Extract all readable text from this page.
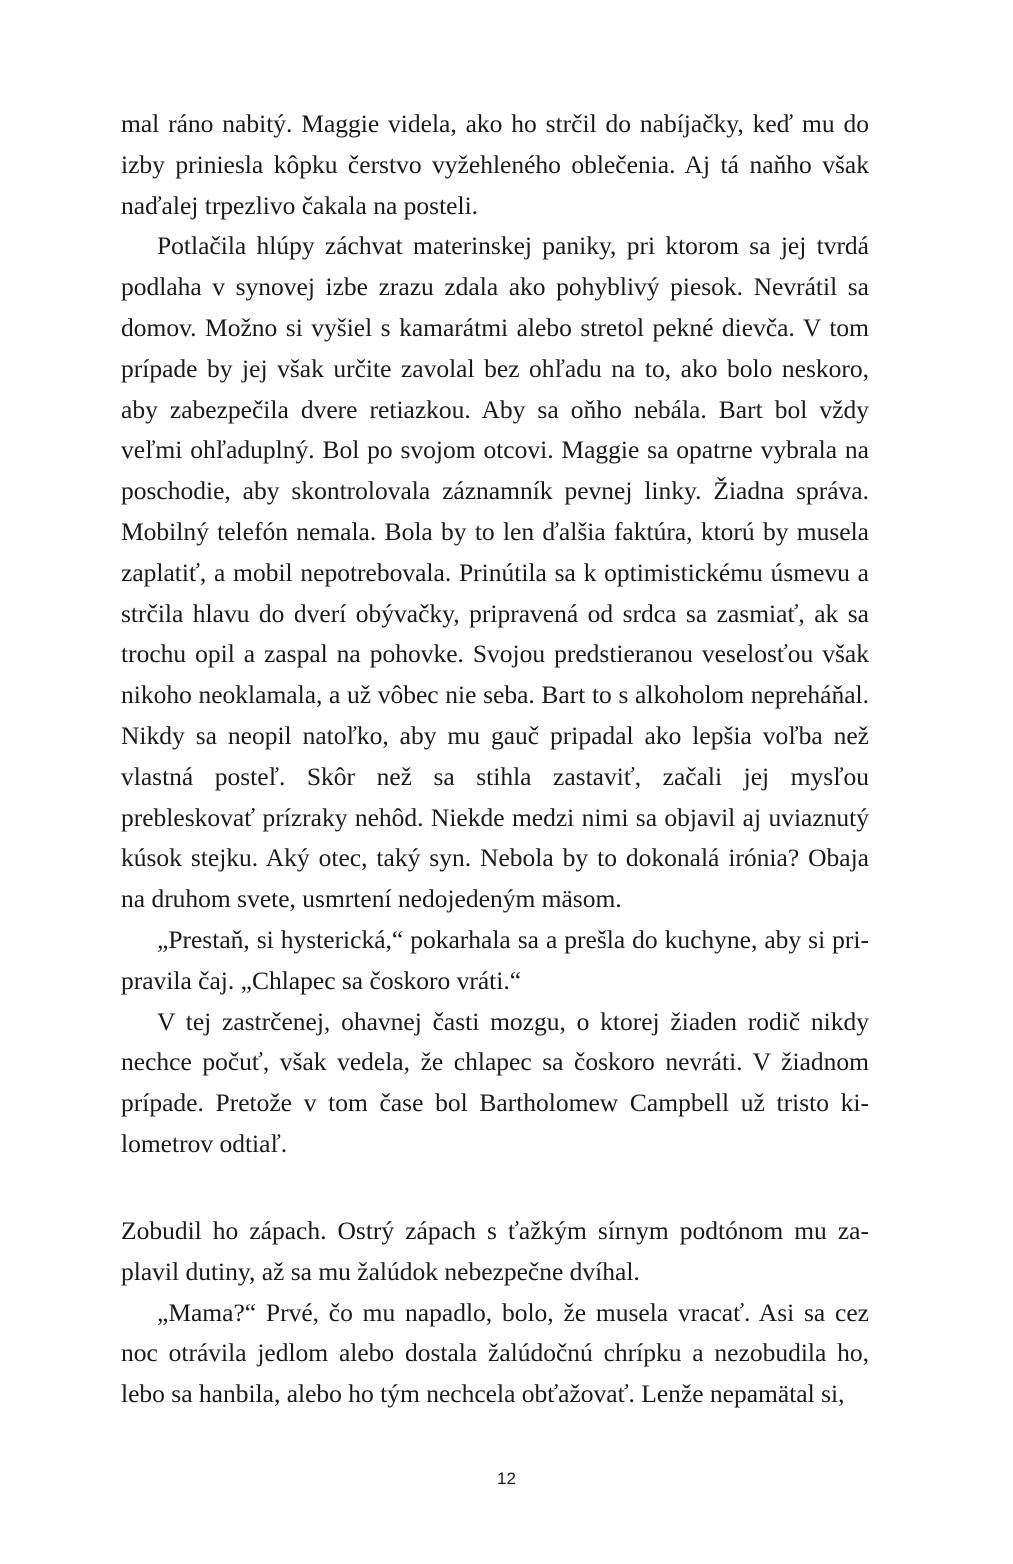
mal ráno nabitý. Maggie videla, ako ho strčil do nabíjačky, keď mu do izby priniesla kôpku čerstvo vyžehleného oblečenia. Aj tá naňho však naďalej trpezlivo čakala na posteli.

Potlačila hlúpy záchvat materinskej paniky, pri ktorom sa jej tvrdá podlaha v synovej izbe zrazu zdala ako pohyblivý piesok. Nevrátil sa domov. Možno si vyšiel s kamarátmi alebo stretol pekné dievča. V tom prípade by jej však určite zavolal bez ohľadu na to, ako bolo neskoro, aby zabezpečila dvere retiazkou. Aby sa oňho nebála. Bart bol vždy veľmi ohľaduplný. Bol po svojom otcovi. Maggie sa opatrne vybrala na poschodie, aby skontrolovala záznamník pevnej linky. Žiadna správa. Mobilný telefón nemala. Bola by to len ďalšia faktúra, ktorú by musela zaplatiť, a mobil nepotrebovala. Prinútila sa k optimistickému úsmevu a strčila hlavu do dverí obývačky, pripravená od srdca sa zasmiať, ak sa trochu opil a zaspal na pohovke. Svojou predstieranou veselosťou však nikoho neoklamala, a už vôbec nie seba. Bart to s alkoholom nepreháňal. Nikdy sa neopil natoľko, aby mu gauč pripadal ako lepšia voľba než vlastná posteľ. Skôr než sa stihla zastaviť, začali jej mysľou prebleskovať prízraky nehôd. Niekde medzi nimi sa objavil aj uviaznutý kúsok stejku. Aký otec, taký syn. Nebola by to dokonalá irónia? Obaja na druhom svete, usmrtení nedojedeným mäsom.

„Prestaň, si hysterická,“ pokarhala sa a prešla do kuchyne, aby si pripravila čaj. „Chlapec sa čoskoro vráti.“

V tej zastrčenej, ohavnej časti mozgu, o ktorej žiaden rodič nikdy nechce počuť, však vedela, že chlapec sa čoskoro nevráti. V žiadnom prípade. Pretože v tom čase bol Bartholomew Campbell už tristo kilometrov odtiaľ.

Zobudil ho zápach. Ostrý zápach s ťažkým sírnym podtónom mu zaplavil dutiny, až sa mu žalúdok nebezpečne dvíhal.

„Mama?“ Prvé, čo mu napadlo, bolo, že musela vracať. Asi sa cez noc otrávila jedlom alebo dostala žalúdočnú chrípku a nezobudila ho, lebo sa hanbila, alebo ho tým nechcela obťažovať. Lenže nepamätal si,

12
